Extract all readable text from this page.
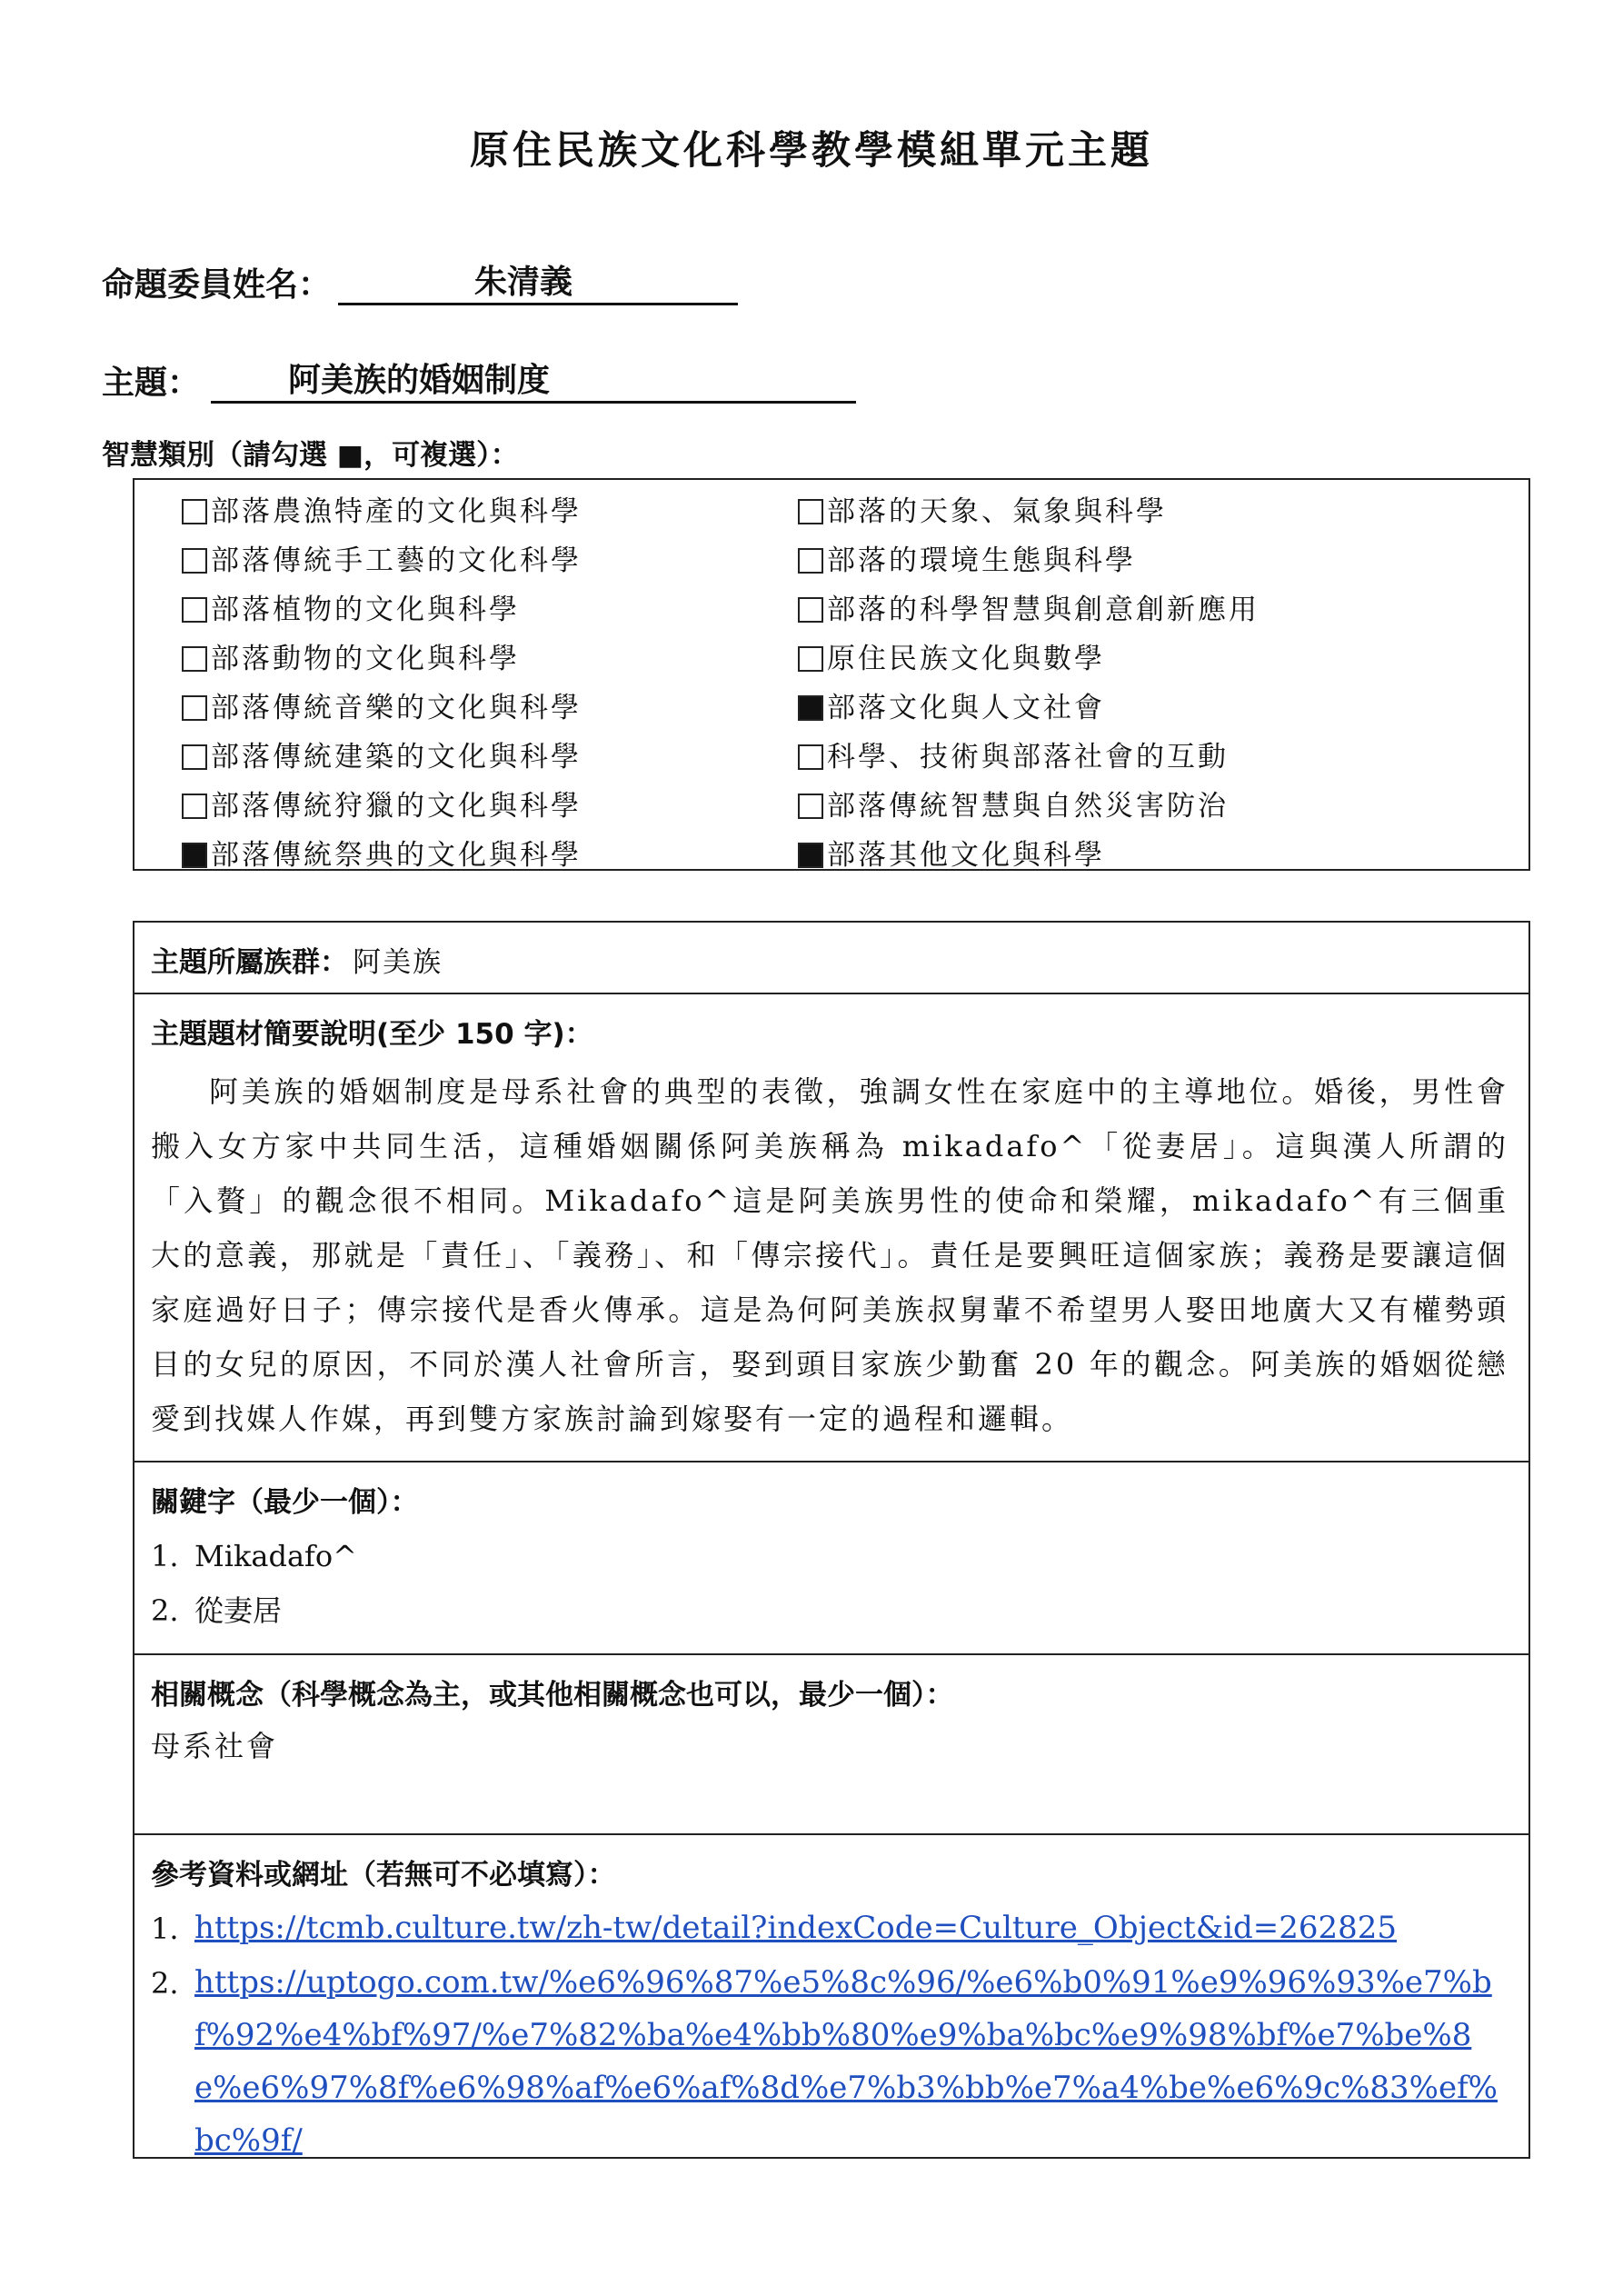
原住民族文化科學教學模組單元主題
命題委員姓名：	朱清義
主題：	阿美族的婚姻制度
智慧類別（請勾選 ■，可複選）：
部落農漁特產的文化與科學
部落傳統手工藝的文化科學
部落植物的文化與科學
部落動物的文化與科學
部落傳統音樂的文化與科學
部落傳統建築的文化與科學
部落傳統狩獵的文化與科學
部落傳統祭典的文化與科學
部落的天象、氣象與科學
部落的環境生態與科學
部落的科學智慧與創意創新應用
原住民族文化與數學
部落文化與人文社會
科學、技術與部落社會的互動
部落傳統智慧與自然災害防治
部落其他文化與科學
主題所屬族群： 阿美族
主題題材簡要說明(至少 150 字)：
阿美族的婚姻制度是母系社會的典型的表徵，強調女性在家庭中的主導地位。婚後，男性會搬入女方家中共同生活，這種婚姻關係阿美族稱為 mikadafo^「從妻居」。這與漢人所謂的「入贅」的觀念很不相同。Mikadafo^這是阿美族男性的使命和榮耀，mikadafo^有三個重大的意義，那就是「責任」、「義務」、和「傳宗接代」。責任是要興旺這個家族；義務是要讓這個家庭過好日子；傳宗接代是香火傳承。這是為何阿美族叔舅輩不希望男人娶田地廣大又有權勢頭目的女兒的原因，不同於漢人社會所言，娶到頭目家族少勤奮 20 年的觀念。阿美族的婚姻從戀愛到找媒人作媒，再到雙方家族討論到嫁娶有一定的過程和邏輯。
關鍵字（最少一個）：
1. Mikadafo^
2. 從妻居
相關概念（科學概念為主，或其他相關概念也可以，最少一個）：
母系社會
參考資料或網址（若無可不必填寫）：
1. https://tcmb.culture.tw/zh-tw/detail?indexCode=Culture_Object&id=262825
2. https://uptogo.com.tw/%e6%96%87%e5%8c%96/%e6%b0%91%e9%96%93%e7%bf%92%e4%bf%97/%e7%82%ba%e4%bb%80%e9%ba%bc%e9%98%bf%e7%be%8e%e6%97%8f%e6%98%af%e6%af%8d%e7%b3%bb%e7%a4%be%e6%9c%83%ef%bc%9f/
